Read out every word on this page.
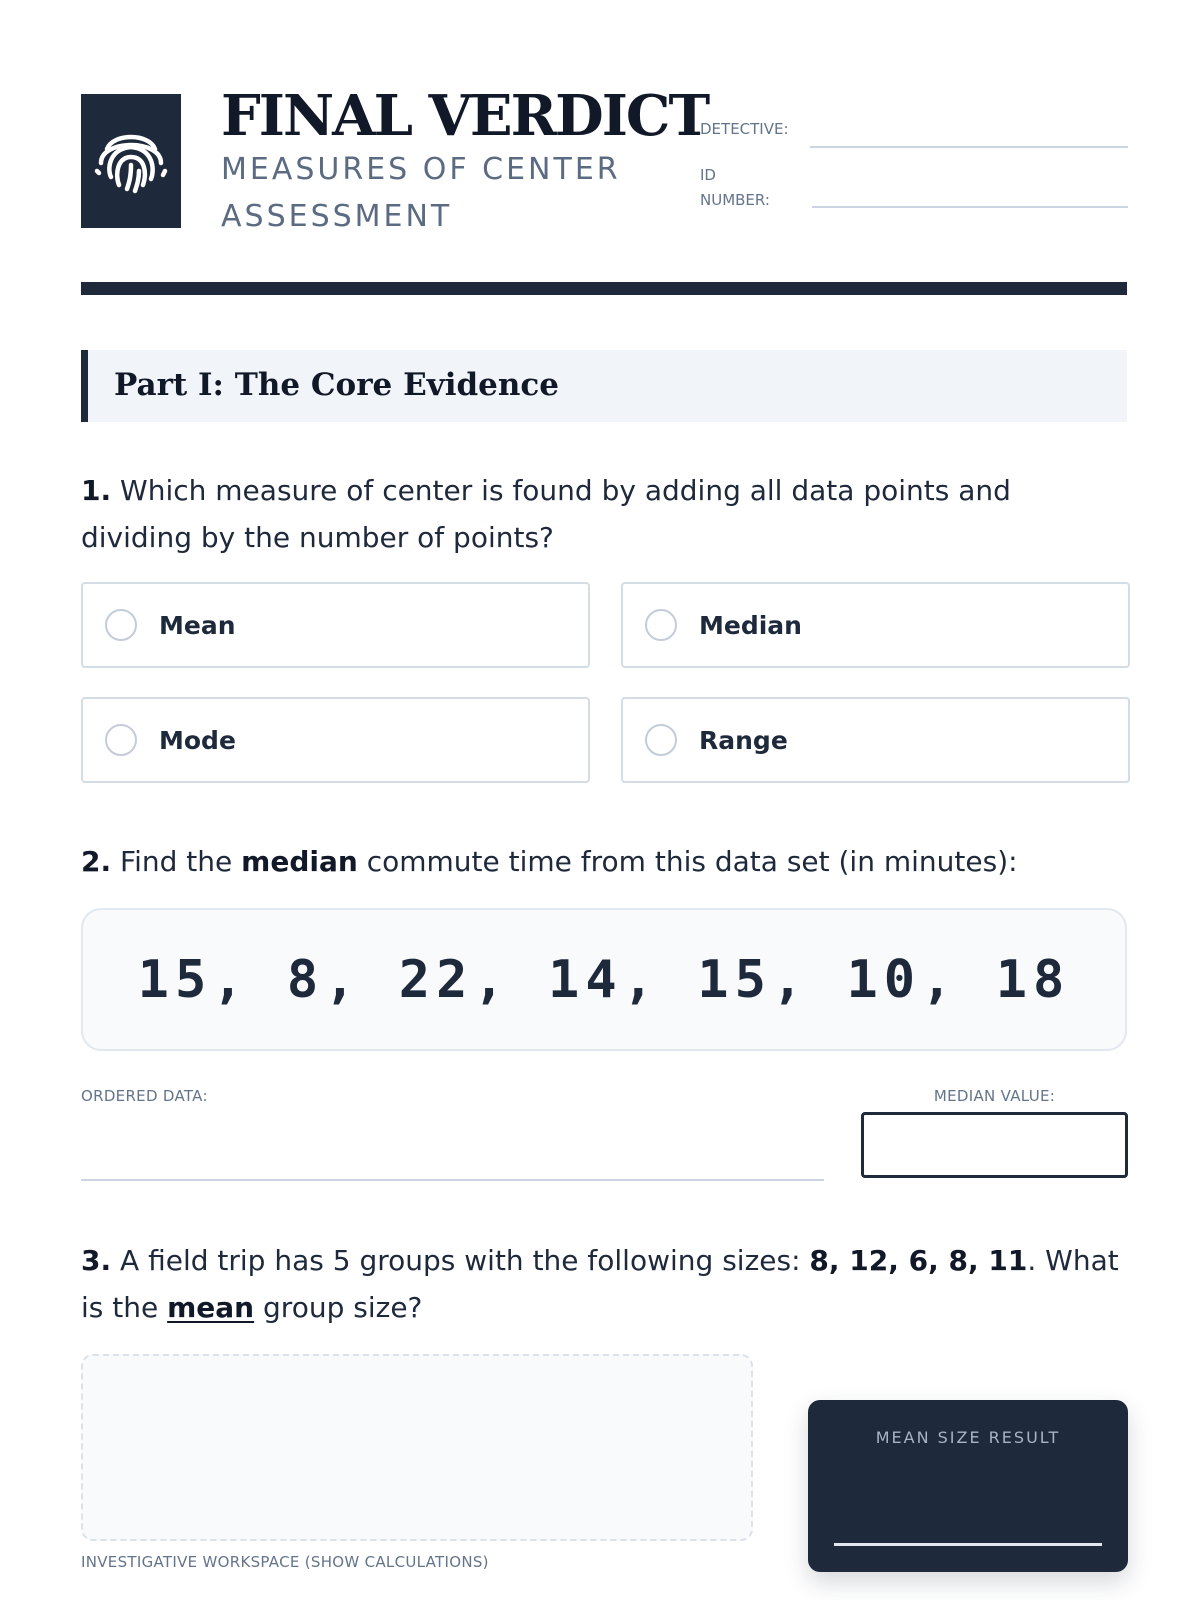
FINAL VERDICT
MEASURES OF CENTER ASSESSMENT
DETECTIVE:
ID NUMBER:
Part I: The Core Evidence
1. Which measure of center is found by adding all data points and dividing by the number of points?
Mean	Median
Mode	Range
2. Find the median commute time from this data set (in minutes):
15, 8, 22, 14, 15, 10, 18
ORDERED DATA:	MEDIAN VALUE:
3. A field trip has 5 groups with the following sizes: 8, 12, 6, 8, 11. What is the mean group size?
INVESTIGATIVE WORKSPACE (SHOW CALCULATIONS)
MEAN SIZE RESULT
